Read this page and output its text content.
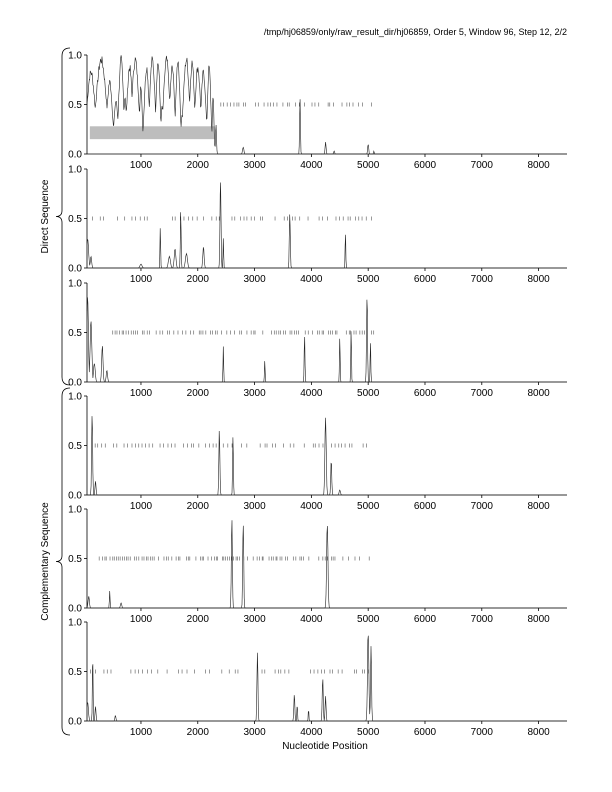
/tmp/hj06859/only/raw_result_dir/hj06859, Order 5, Window 96, Step 12, 2/2
Nucleotide Position
Direct Sequence
Complementary Sequence
0.0
0.5
1.0
1000	2000	3000	4000	5000	6000	7000	8000
0.0
0.5
1.0
1000	2000	3000	4000	5000	6000	7000	8000
0.0
0.5
1.0
1000	2000	3000	4000	5000	6000	7000	8000
0.0
0.5
1.0
1000	2000	3000	4000	5000	6000	7000	8000
0.0
0.5
1.0
1000	2000	3000	4000	5000	6000	7000	8000
0.0
0.5
1.0
1000	2000	3000	4000	5000	6000	7000	8000
